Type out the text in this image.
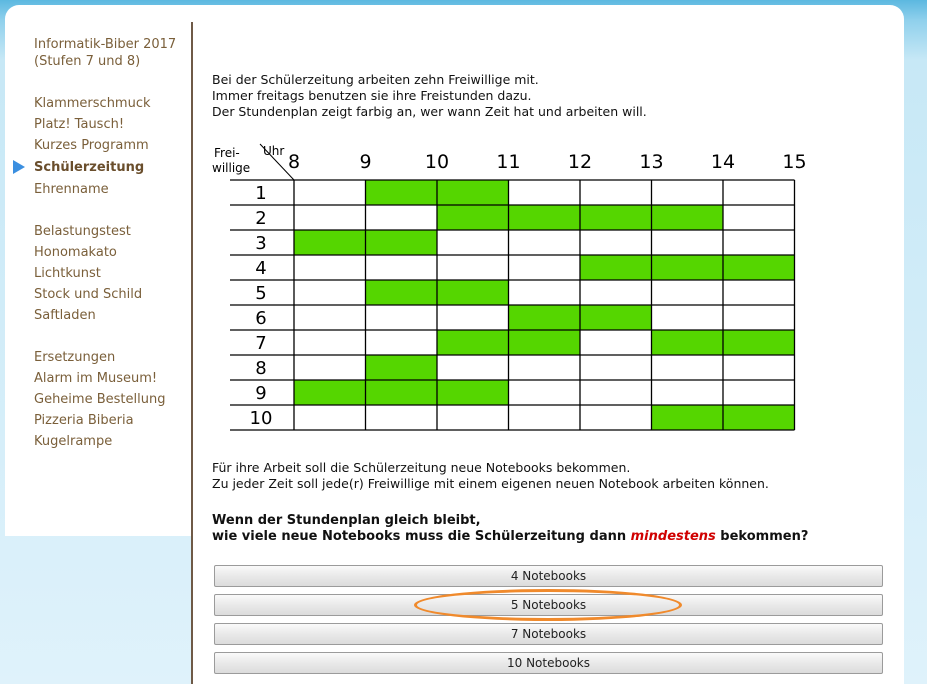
Informatik-Biber 2017
(Stufen 7 und 8)
Klammerschmuck
Platz! Tausch!
Kurzes Programm
Schülerzeitung
Ehrenname
Belastungstest
Honomakato
Lichtkunst
Stock und Schild
Saftladen
Ersetzungen
Alarm im Museum!
Geheime Bestellung
Pizzeria Biberia
Kugelrampe
Bei der Schülerzeitung arbeiten zehn Freiwillige mit.
Immer freitags benutzen sie ihre Freistunden dazu.
Der Stundenplan zeigt farbig an, wer wann Zeit hat und arbeiten will.
Uhr
Frei-
willige 8	9	10 11 12 13 14 15
1
2
3
4
5
6
7
8
9
10
Für ihre Arbeit soll die Schülerzeitung neue Notebooks bekommen.
Zu jeder Zeit soll jede(r) Freiwillige mit einem eigenen neuen Notebook arbeiten können.
Wenn der Stundenplan gleich bleibt,
wie viele neue Notebooks muss die Schülerzeitung dann mindestens bekommen?
4 Notebooks
5 Notebooks
7 Notebooks
10 Notebooks
